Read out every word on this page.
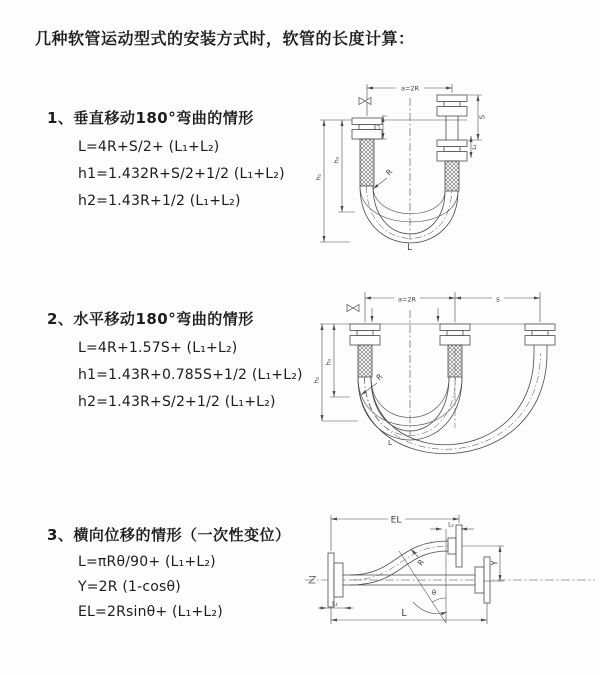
几种软管运动型式的安装方式时，软管的长度计算：
1、垂直移动180°弯曲的情形
L=4R+S/2+ (L₁+L₂)
h1=1.432R+S/2+1/2 (L₁+L₂)
h2=1.43R+1/2 (L₁+L₂)
2、水平移动180°弯曲的情形
L=4R+1.57S+ (L₁+L₂)
h1=1.43R+0.785S+1/2 (L₁+L₂)
h2=1.43R+S/2+1/2 (L₁+L₂)
3、横向位移的情形（一次性变位）
L=πRθ/90+ (L₁+L₂)
Y=2R (1-cosθ)
EL=2Rsinθ+ (L₁+L₂)
a=2R
L₁
S
L₂
h₁
h₂	R
L
a=2R	s
h₁
h₂	R
L
EL	L₂
Y
θ
R
L
L₁
